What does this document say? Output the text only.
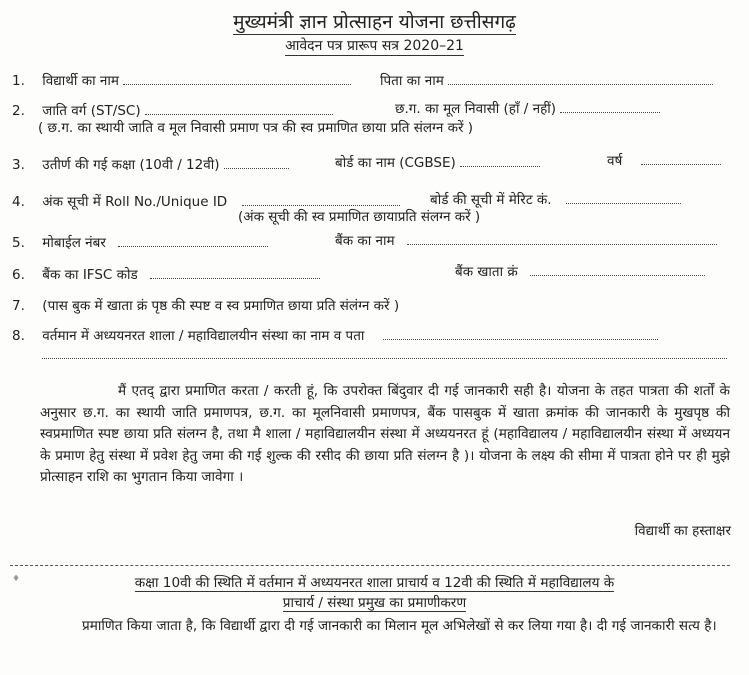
मुख्यमंत्री ज्ञान प्रोत्साहन योजना छत्तीसगढ़
आवेदन पत्र प्रारूप सत्र 2020–21
1. विद्यार्थी का नाम	पिता का नाम
2. जाति वर्ग (ST/SC)	छ.ग. का मूल निवासी (हाँ / नहीं)
( छ.ग. का स्थायी जाति व मूल निवासी प्रमाण पत्र की स्व प्रमाणित छाया प्रति संलग्न करें )
3. उतीर्ण की गई कक्षा (10वी / 12वी)	बोर्ड का नाम (CGBSE)	वर्ष
4. अंक सूची में Roll No./Unique ID	बोर्ड की सूची में मेरिट कं.
(अंक सूची की स्व प्रमाणित छायाप्रति संलग्न करें )
5. मोबाईल नंबर	बैंक का नाम
6. बैंक का IFSC कोड	बैंक खाता क्रं
7. (पास बुक में खाता क्रं पृष्ठ की स्पष्ट व स्व प्रमाणित छाया प्रति संलंग्न करें )
8. वर्तमान में अध्ययनरत शाला / महाविद्यालयीन संस्था का नाम व पता
मैं एतद् द्वारा प्रमाणित करता / करती हूं, कि उपरोक्त बिंदुवार दी गई जानकारी सही है। योजना के तहत पात्रता की शर्तों के अनुसार छ.ग. का स्थायी जाति प्रमाणपत्र, छ.ग. का मूलनिवासी प्रमाणपत्र, बैंक पासबुक में खाता क्रमांक की जानकारी के मुखपृष्ठ की स्वप्रमाणित स्पष्ट छाया प्रति संलग्न है, तथा मै शाला / महाविद्यालयीन संस्था में अध्ययनरत हूं (महाविद्यालय / महाविद्यालयीन संस्था में अध्ययन के प्रमाण हेतु संस्था में प्रवेश हेतु जमा की गई शुल्क की रसीद की छाया प्रति संलग्न है )। योजना के लक्ष्य की सीमा में पात्रता होने पर ही मुझे प्रोत्साहन राशि का भुगतान किया जावेगा ।
विद्यार्थी का हस्ताक्षर
♦	कक्षा 10वी की स्थिति में वर्तमान में अध्ययनरत शाला प्राचार्य व 12वी की स्थिति में महाविद्यालय के
प्राचार्य / संस्था प्रमुख का प्रमाणीकरण
प्रमाणित किया जाता है, कि विद्यार्थी द्वारा दी गई जानकारी का मिलान मूल अभिलेखों से कर लिया गया है। दी गई जानकारी सत्य है।
